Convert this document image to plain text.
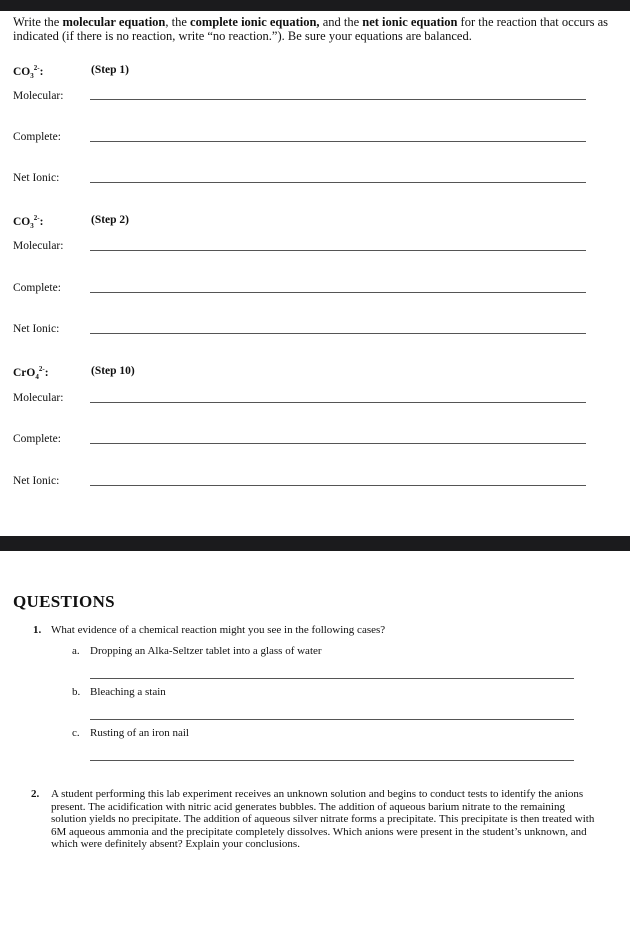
Write the molecular equation, the complete ionic equation, and the net ionic equation for the reaction that occurs as indicated (if there is no reaction, write “no reaction.”). Be sure your equations are balanced.
$CO_3^{2-}$:	(Step 1)
Molecular:
Complete:
Net Ionic:
$CO_3^{2-}$:	(Step 2)
Molecular:
Complete:
Net Ionic:
CrO$_4^{2-}$:	(Step 10)
Molecular:
Complete:
Net Ionic:
QUESTIONS
1. What evidence of a chemical reaction might you see in the following cases?
a. Dropping an Alka-Seltzer tablet into a glass of water
b. Bleaching a stain
c. Rusting of an iron nail
2.	A student performing this lab experiment receives an unknown solution and begins to conduct tests to identify the anions present. The acidification with nitric acid generates bubbles. The addition of aqueous barium nitrate to the remaining solution yields no precipitate. The addition of aqueous silver nitrate forms a precipitate. This precipitate is then treated with 6M aqueous ammonia and the precipitate completely dissolves. Which anions were present in the student’s unknown, and which were definitely absent? Explain your conclusions.
